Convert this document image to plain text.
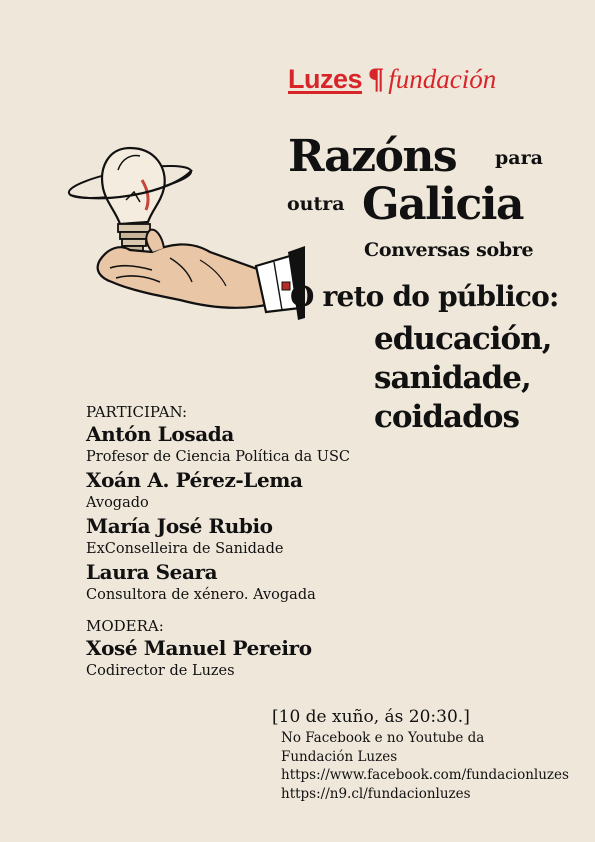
Luzes ¶ fundación
Razóns para
outra Galicia
Conversas sobre
O reto do público:
educación,
sanidade,
coidados
PARTICIPAN:
Antón Losada
Profesor de Ciencia Política da USC
Xoán A. Pérez-Lema
Avogado
María José Rubio
ExConselleira de Sanidade
Laura Seara
Consultora de xénero. Avogada
MODERA:
Xosé Manuel Pereiro
Codirector de Luzes
[10 de xuño, ás 20:30.]
No Facebook e no Youtube da
Fundación Luzes
https://www.facebook.com/fundacionluzes
https://n9.cl/fundacionluzes
